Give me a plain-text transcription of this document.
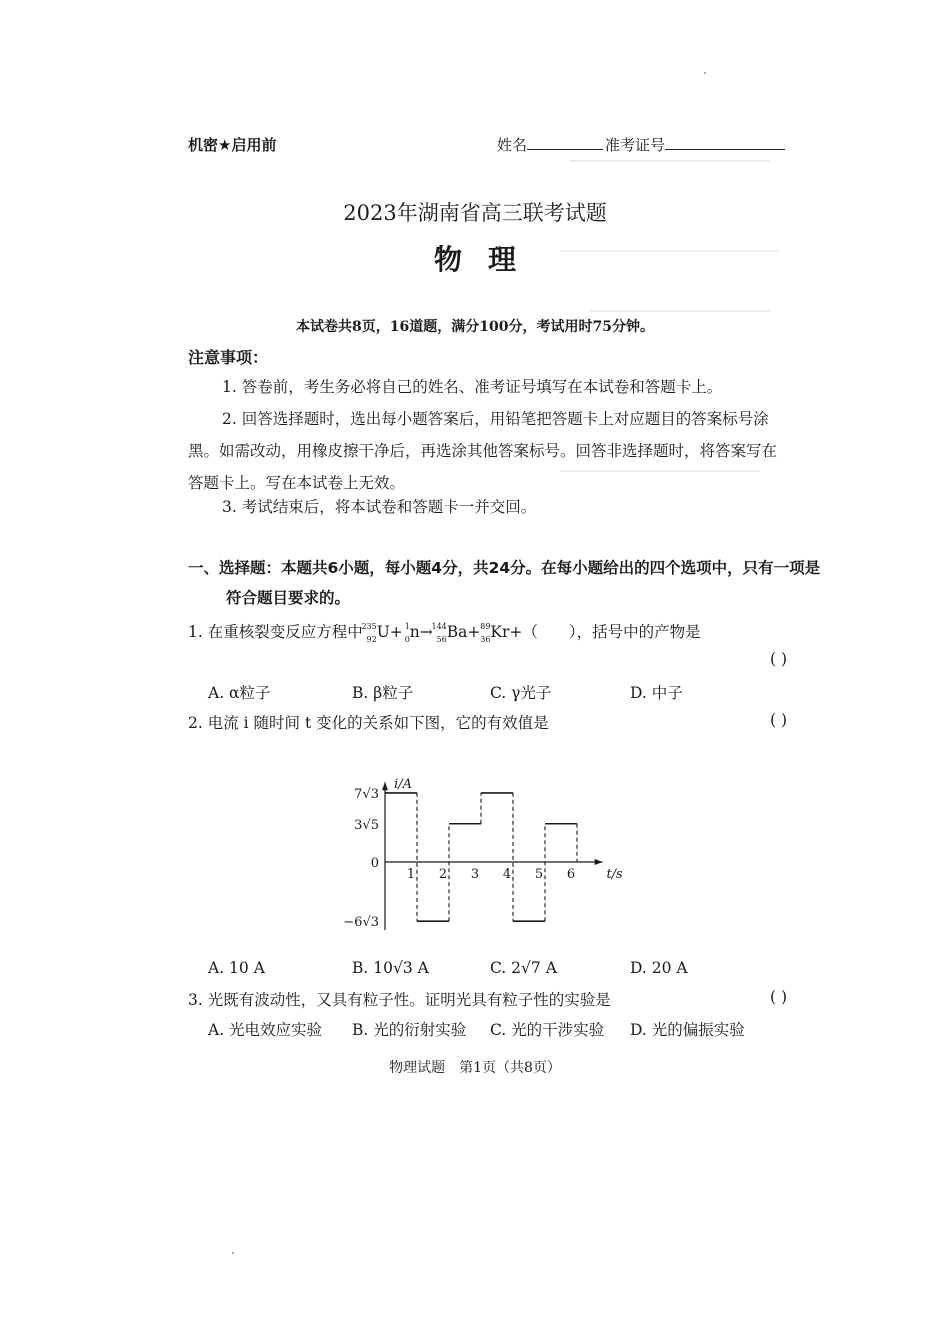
机密★启用前	姓名	准考证号
2023年湖南省高三联考试题
物理
本试卷共8页，16道题，满分100分，考试用时75分钟。
注意事项：
1. 答卷前，考生务必将自己的姓名、准考证号填写在本试卷和答题卡上。
2. 回答选择题时，选出每小题答案后，用铅笔把答题卡上对应题目的答案标号涂黑。如需改动，用橡皮擦干净后，再选涂其他答案标号。回答非选择题时，将答案写在答题卡上。写在本试卷上无效。
3. 考试结束后，将本试卷和答题卡一并交回。
一、选择题：本题共6小题，每小题4分，共24分。在每小题给出的四个选项中，只有一项是符合题目要求的。
1. 在重核裂变反应方程中
235
92 U+ 1
0 n→
144
56 Ba+ 89
36 Kr+（　　），括号中的产物是
( )
A. α粒子	B. β粒子	C. γ光子	D. 中子
2. 电流 i 随时间 t 变化的关系如下图，它的有效值是	( )
i/A
t/s
7√3
3√5
0
−6√3
1 2 3 4 5 6
A. 10 A	B. 10√3 A	C. 2√7 A	D. 20 A
3. 光既有波动性，又具有粒子性。证明光具有粒子性的实验是	( )
A. 光电效应实验 B. 光的衍射实验 C. 光的干涉实验 D. 光的偏振实验
物理试题　第1页（共8页）
